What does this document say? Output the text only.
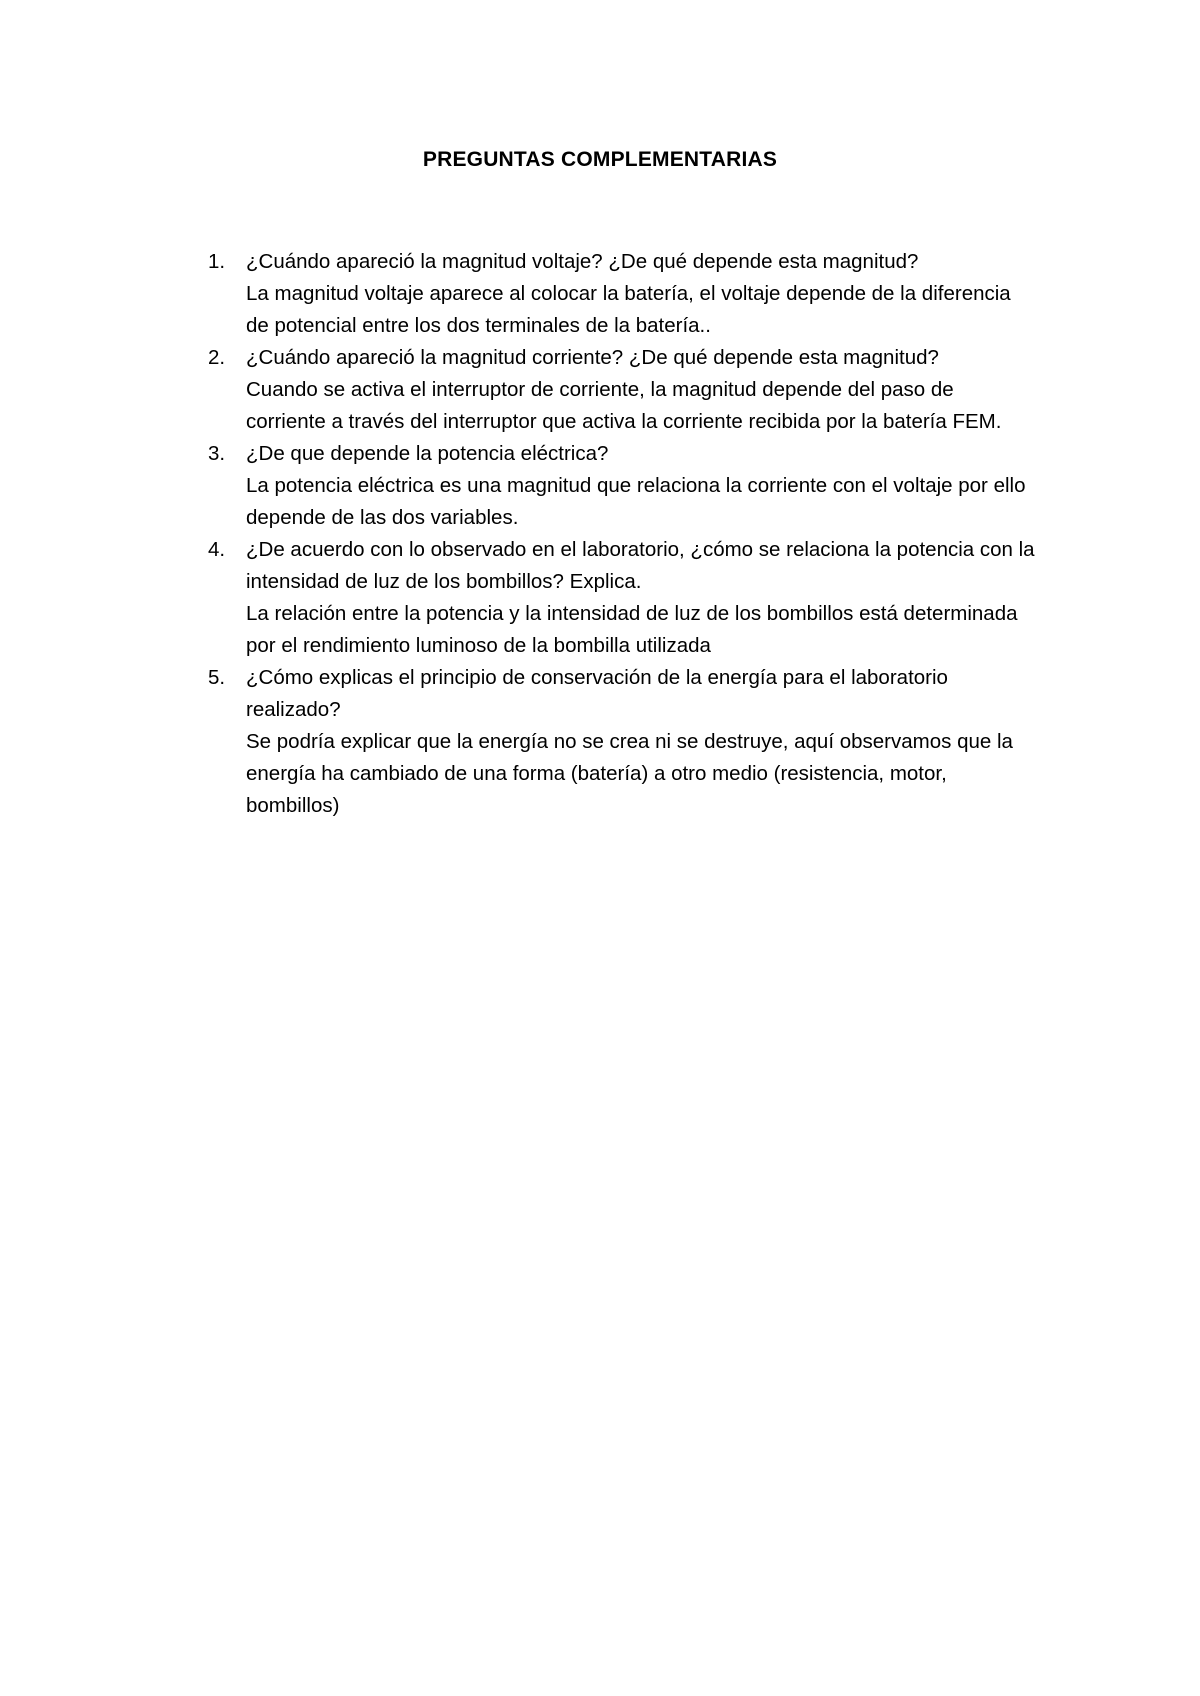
PREGUNTAS COMPLEMENTARIAS
1. ¿Cuándo apareció la magnitud voltaje? ¿De qué depende esta magnitud?
La magnitud voltaje aparece al colocar la batería, el voltaje depende de la diferencia de potencial entre los dos terminales de la batería..
2. ¿Cuándo apareció la magnitud corriente? ¿De qué depende esta magnitud?
Cuando se activa el interruptor de corriente, la magnitud depende del paso de corriente a través del interruptor que activa la corriente recibida por la batería FEM.
3. ¿De que depende la potencia eléctrica?
La potencia eléctrica es una magnitud que relaciona la corriente con el voltaje por ello depende de las dos variables.
4. ¿De acuerdo con lo observado en el laboratorio, ¿cómo se relaciona la potencia con la intensidad de luz de los bombillos? Explica.
La relación entre la potencia y la intensidad de luz de los bombillos está determinada por el rendimiento luminoso de la bombilla utilizada
5. ¿Cómo explicas el principio de conservación de la energía para el laboratorio realizado?
Se podría explicar que la energía no se crea ni se destruye, aquí observamos que la energía ha cambiado de una forma (batería) a otro medio (resistencia, motor, bombillos)
